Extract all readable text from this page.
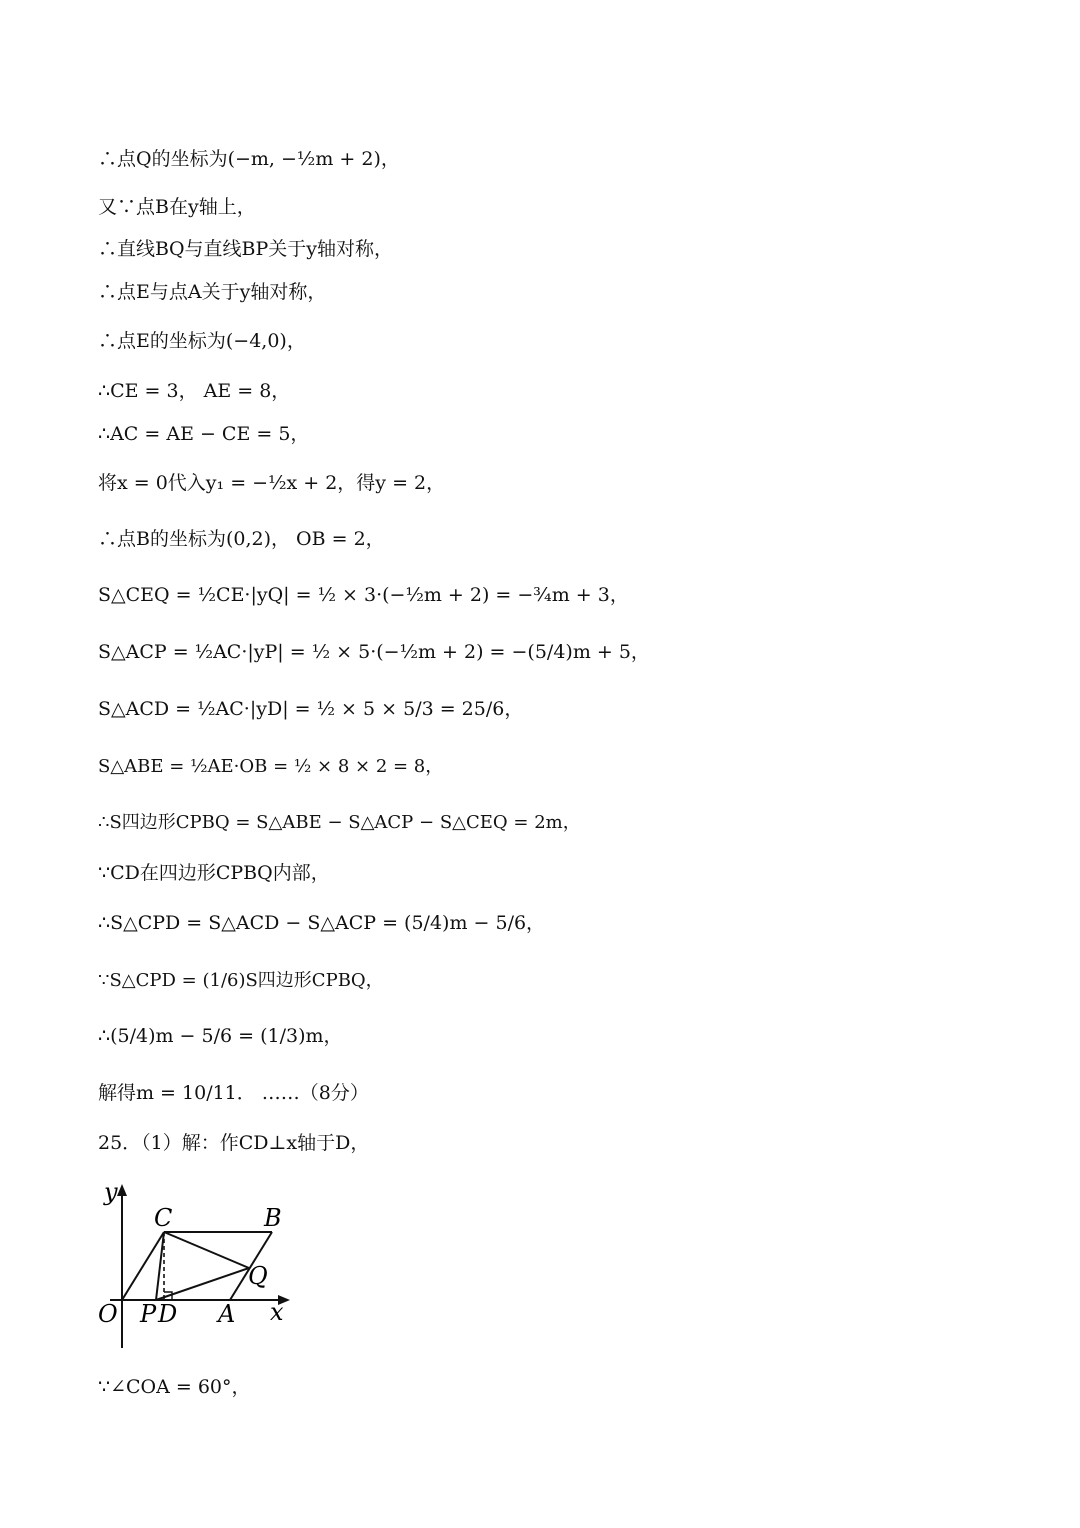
∴点Q的坐标为(−m, −½m + 2)，
又∵点B在y轴上，
∴直线BQ与直线BP关于y轴对称，
∴点E与点A关于y轴对称，
∴点E的坐标为(−4,0)，
∴CE = 3， AE = 8，
∴AC = AE − CE = 5，
将x = 0代入y₁ = −½x + 2，得y = 2，
∴点B的坐标为(0,2)， OB = 2，
S△CEQ = ½CE·|yQ| = ½ × 3·(−½m + 2) = −¾m + 3，
S△ACP = ½AC·|yP| = ½ × 5·(−½m + 2) = −(5/4)m + 5，
S△ACD = ½AC·|yD| = ½ × 5 × 5/3 = 25/6，
S△ABE = ½AE·OB = ½ × 8 × 2 = 8，
∴S四边形CPBQ = S△ABE − S△ACP − S△CEQ = 2m，
∵CD在四边形CPBQ内部，
∴S△CPD = S△ACD − S△ACP = (5/4)m − 5/6，
∵S△CPD = (1/6)S四边形CPBQ，
∴(5/4)m − 5/6 = (1/3)m，
解得m = 10/11． ……（8分）
25．（1）解：作CD⊥x轴于D，
y
x
O
C	B
Q
P D A
∵∠COA = 60°，
